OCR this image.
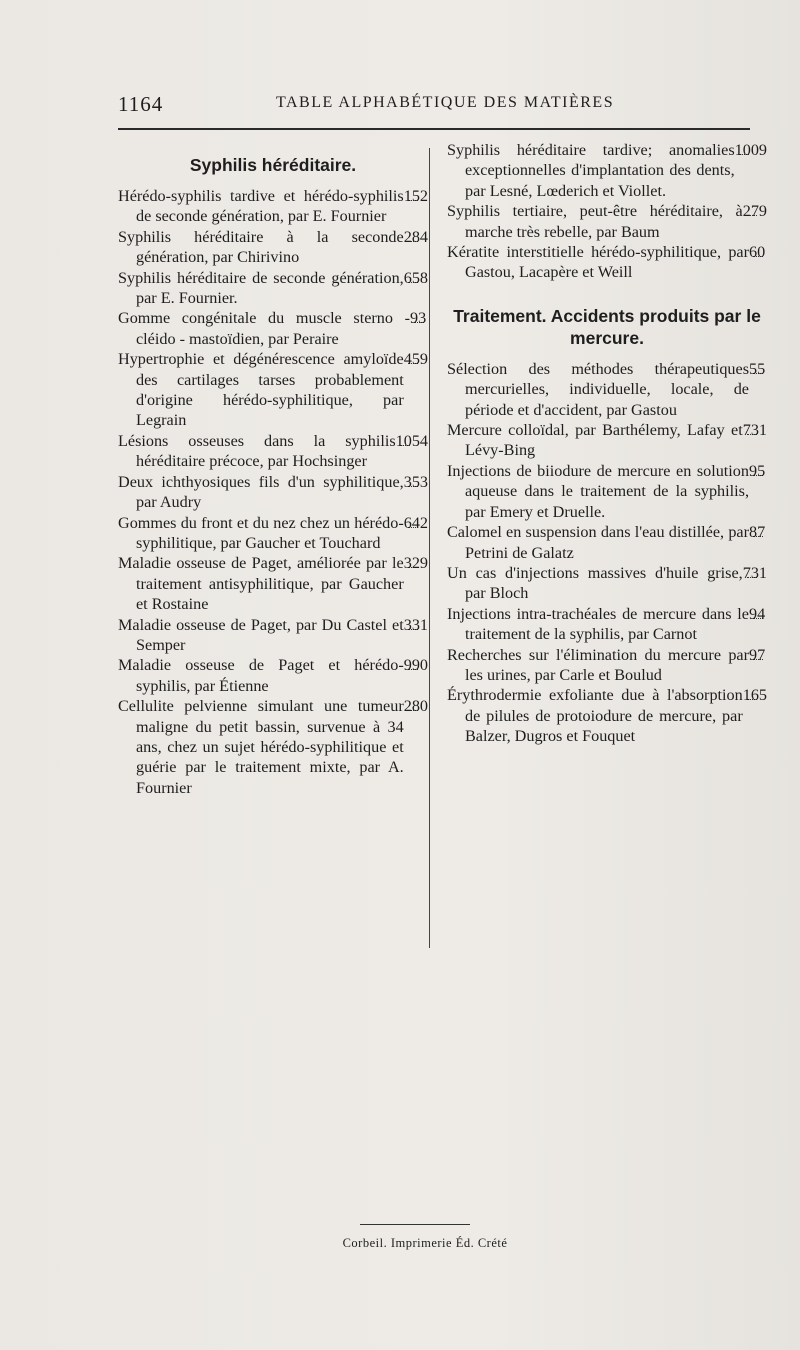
1164	TABLE ALPHABÉTIQUE DES MATIÈRES
Syphilis héréditaire.
Hérédo-syphilis tardive et hérédo-syphilis de seconde génération, par E. Fournier
152
Syphilis héréditaire à la seconde génération, par Chirivino
284
Syphilis héréditaire de seconde génération, par E. Fournier.
658
Gomme congénitale du muscle sterno - cléido - mastoïdien, par Peraire
93
Hypertrophie et dégénérescence amyloïde des cartilages tarses probablement d'origine hérédo-syphilitique, par Legrain
459
Lésions osseuses dans la syphilis héréditaire précoce, par Hochsinger
1054
Deux ichthyosiques fils d'un syphilitique, par Audry
353
Gommes du front et du nez chez un hérédo-syphilitique, par Gaucher et Touchard
642
Maladie osseuse de Paget, améliorée par le traitement antisyphilitique, par Gaucher et Rostaine
329
Maladie osseuse de Paget, par Du Castel et Semper
331
Maladie osseuse de Paget et hérédo-syphilis, par Étienne
990
Cellulite pelvienne simulant une tumeur maligne du petit bassin, survenue à 34 ans, chez un sujet hérédo-syphilitique et guérie par le traitement mixte, par A. Fournier
280
Syphilis héréditaire tardive; anomalies exceptionnelles d'implantation des dents, par Lesné, Lœderich et Viollet.
1009
Syphilis tertiaire, peut-être héréditaire, à marche très rebelle, par Baum
279
Kératite interstitielle hérédo-syphilitique, par Gastou, Lacapère et Weill
60
Traitement. Accidents produits par le mercure.
Sélection des méthodes thérapeutiques mercurielles, individuelle, locale, de période et d'accident, par Gastou
55
Mercure colloïdal, par Barthélemy, Lafay et Lévy-Bing
731
Injections de biiodure de mercure en solution aqueuse dans le traitement de la syphilis, par Emery et Druelle.
95
Calomel en suspension dans l'eau distillée, par Petrini de Galatz
87
Un cas d'injections massives d'huile grise, par Bloch
731
Injections intra-trachéales de mercure dans le traitement de la syphilis, par Carnot
94
Recherches sur l'élimination du mercure par les urines, par Carle et Boulud
97
Érythrodermie exfoliante due à l'absorption de pilules de protoiodure de mercure, par Balzer, Dugros et Fouquet
165
Corbeil. Imprimerie Éd. Crété
